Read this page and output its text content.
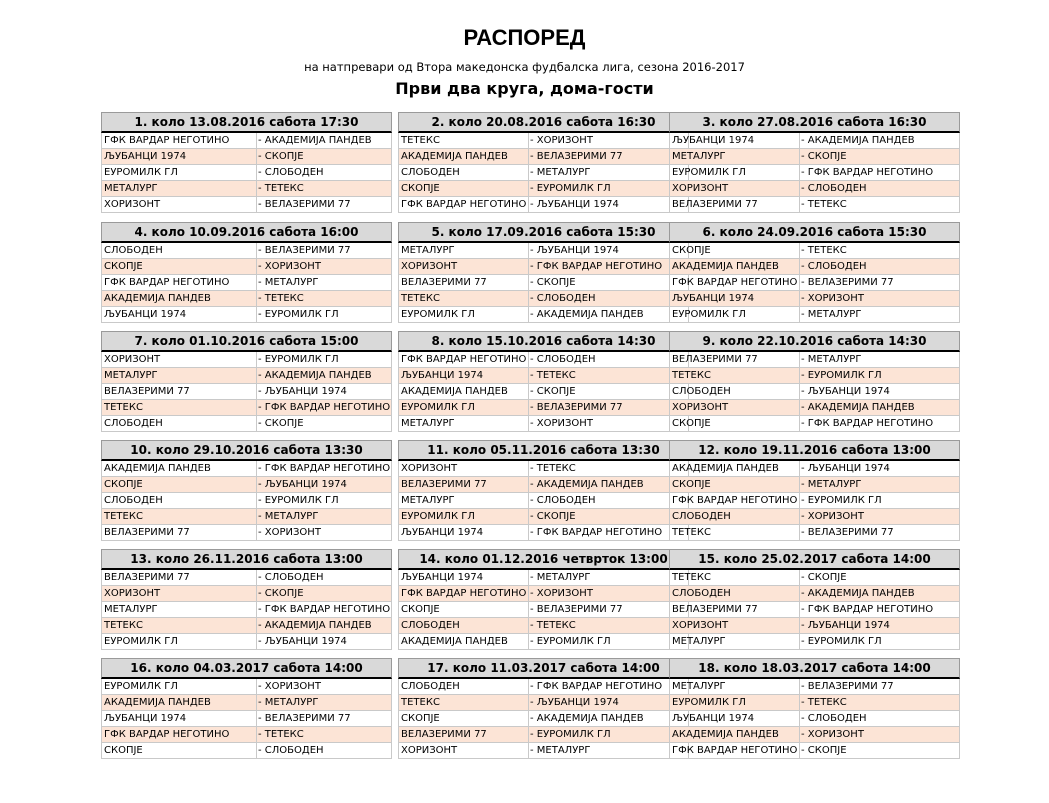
РАСПОРЕД
на натпревари од Втора македонска фудбалска лига, сезона 2016-2017
Први два круга, дома-гости
1. коло 13.08.2016 сабота 17:30
ГФК ВАРДАР НЕГОТИНО	- АКАДЕМИЈА ПАНДЕВ
ЉУБАНЦИ 1974	- СКОПЈЕ
ЕУРОМИЛК ГЛ	- СЛОБОДЕН
МЕТАЛУРГ	- ТЕТЕКС
ХОРИЗОНТ	- ВЕЛАЗЕРИМИ 77
2. коло 20.08.2016 сабота 16:30
ТЕТЕКС	- ХОРИЗОНТ
АКАДЕМИЈА ПАНДЕВ	- ВЕЛАЗЕРИМИ 77
СЛОБОДЕН	- МЕТАЛУРГ
СКОПЈЕ	- ЕУРОМИЛК ГЛ
ГФК ВАРДАР НЕГОТИНО - ЉУБАНЦИ 1974
3. коло 27.08.2016 сабота 16:30
ЉУБАНЦИ 1974	- АКАДЕМИЈА ПАНДЕВ
МЕТАЛУРГ	- СКОПЈЕ
ЕУРОМИЛК ГЛ	- ГФК ВАРДАР НЕГОТИНО
ХОРИЗОНТ	- СЛОБОДЕН
ВЕЛАЗЕРИМИ 77	- ТЕТЕКС
4. коло 10.09.2016 сабота 16:00
СЛОБОДЕН	- ВЕЛАЗЕРИМИ 77
СКОПЈЕ	- ХОРИЗОНТ
ГФК ВАРДАР НЕГОТИНО	- МЕТАЛУРГ
АКАДЕМИЈА ПАНДЕВ	- ТЕТЕКС
ЉУБАНЦИ 1974	- ЕУРОМИЛК ГЛ
5. коло 17.09.2016 сабота 15:30
МЕТАЛУРГ	- ЉУБАНЦИ 1974
ХОРИЗОНТ	- ГФК ВАРДАР НЕГОТИНО
ВЕЛАЗЕРИМИ 77	- СКОПЈЕ
ТЕТЕКС	- СЛОБОДЕН
ЕУРОМИЛК ГЛ	- АКАДЕМИЈА ПАНДЕВ
6. коло 24.09.2016 сабота 15:30
СКОПЈЕ	- ТЕТЕКС
АКАДЕМИЈА ПАНДЕВ	- СЛОБОДЕН
ГФК ВАРДАР НЕГОТИНО - ВЕЛАЗЕРИМИ 77
ЉУБАНЦИ 1974	- ХОРИЗОНТ
ЕУРОМИЛК ГЛ	- МЕТАЛУРГ
7. коло 01.10.2016 сабота 15:00
ХОРИЗОНТ	- ЕУРОМИЛК ГЛ
МЕТАЛУРГ	- АКАДЕМИЈА ПАНДЕВ
ВЕЛАЗЕРИМИ 77	- ЉУБАНЦИ 1974
ТЕТЕКС	- ГФК ВАРДАР НЕГОТИНО
СЛОБОДЕН	- СКОПЈЕ
8. коло 15.10.2016 сабота 14:30
ГФК ВАРДАР НЕГОТИНО - СЛОБОДЕН
ЉУБАНЦИ 1974	- ТЕТЕКС
АКАДЕМИЈА ПАНДЕВ	- СКОПЈЕ
ЕУРОМИЛК ГЛ	- ВЕЛАЗЕРИМИ 77
МЕТАЛУРГ	- ХОРИЗОНТ
9. коло 22.10.2016 сабота 14:30
ВЕЛАЗЕРИМИ 77	- МЕТАЛУРГ
ТЕТЕКС	- ЕУРОМИЛК ГЛ
СЛОБОДЕН	- ЉУБАНЦИ 1974
ХОРИЗОНТ	- АКАДЕМИЈА ПАНДЕВ
СКОПЈЕ	- ГФК ВАРДАР НЕГОТИНО
10. коло 29.10.2016 сабота 13:30
АКАДЕМИЈА ПАНДЕВ	- ГФК ВАРДАР НЕГОТИНО
СКОПЈЕ	- ЉУБАНЦИ 1974
СЛОБОДЕН	- ЕУРОМИЛК ГЛ
ТЕТЕКС	- МЕТАЛУРГ
ВЕЛАЗЕРИМИ 77	- ХОРИЗОНТ
11. коло 05.11.2016 сабота 13:30
ХОРИЗОНТ	- ТЕТЕКС
ВЕЛАЗЕРИМИ 77	- АКАДЕМИЈА ПАНДЕВ
МЕТАЛУРГ	- СЛОБОДЕН
ЕУРОМИЛК ГЛ	- СКОПЈЕ
ЉУБАНЦИ 1974	- ГФК ВАРДАР НЕГОТИНО
12. коло 19.11.2016 сабота 13:00
АКАДЕМИЈА ПАНДЕВ	- ЉУБАНЦИ 1974
СКОПЈЕ	- МЕТАЛУРГ
ГФК ВАРДАР НЕГОТИНО - ЕУРОМИЛК ГЛ
СЛОБОДЕН	- ХОРИЗОНТ
ТЕТЕКС	- ВЕЛАЗЕРИМИ 77
13. коло 26.11.2016 сабота 13:00
ВЕЛАЗЕРИМИ 77	- СЛОБОДЕН
ХОРИЗОНТ	- СКОПЈЕ
МЕТАЛУРГ	- ГФК ВАРДАР НЕГОТИНО
ТЕТЕКС	- АКАДЕМИЈА ПАНДЕВ
ЕУРОМИЛК ГЛ	- ЉУБАНЦИ 1974
14. коло 01.12.2016 четврток 13:00
ЉУБАНЦИ 1974	- МЕТАЛУРГ
ГФК ВАРДАР НЕГОТИНО - ХОРИЗОНТ
СКОПЈЕ	- ВЕЛАЗЕРИМИ 77
СЛОБОДЕН	- ТЕТЕКС
АКАДЕМИЈА ПАНДЕВ	- ЕУРОМИЛК ГЛ
15. коло 25.02.2017 сабота 14:00
ТЕТЕКС	- СКОПЈЕ
СЛОБОДЕН	- АКАДЕМИЈА ПАНДЕВ
ВЕЛАЗЕРИМИ 77	- ГФК ВАРДАР НЕГОТИНО
ХОРИЗОНТ	- ЉУБАНЦИ 1974
МЕТАЛУРГ	- ЕУРОМИЛК ГЛ
16. коло 04.03.2017 сабота 14:00
ЕУРОМИЛК ГЛ	- ХОРИЗОНТ
АКАДЕМИЈА ПАНДЕВ	- МЕТАЛУРГ
ЉУБАНЦИ 1974	- ВЕЛАЗЕРИМИ 77
ГФК ВАРДАР НЕГОТИНО	- ТЕТЕКС
СКОПЈЕ	- СЛОБОДЕН
17. коло 11.03.2017 сабота 14:00
СЛОБОДЕН	- ГФК ВАРДАР НЕГОТИНО
ТЕТЕКС	- ЉУБАНЦИ 1974
СКОПЈЕ	- АКАДЕМИЈА ПАНДЕВ
ВЕЛАЗЕРИМИ 77	- ЕУРОМИЛК ГЛ
ХОРИЗОНТ	- МЕТАЛУРГ
18. коло 18.03.2017 сабота 14:00
МЕТАЛУРГ	- ВЕЛАЗЕРИМИ 77
ЕУРОМИЛК ГЛ	- ТЕТЕКС
ЉУБАНЦИ 1974	- СЛОБОДЕН
АКАДЕМИЈА ПАНДЕВ	- ХОРИЗОНТ
ГФК ВАРДАР НЕГОТИНО - СКОПЈЕ
